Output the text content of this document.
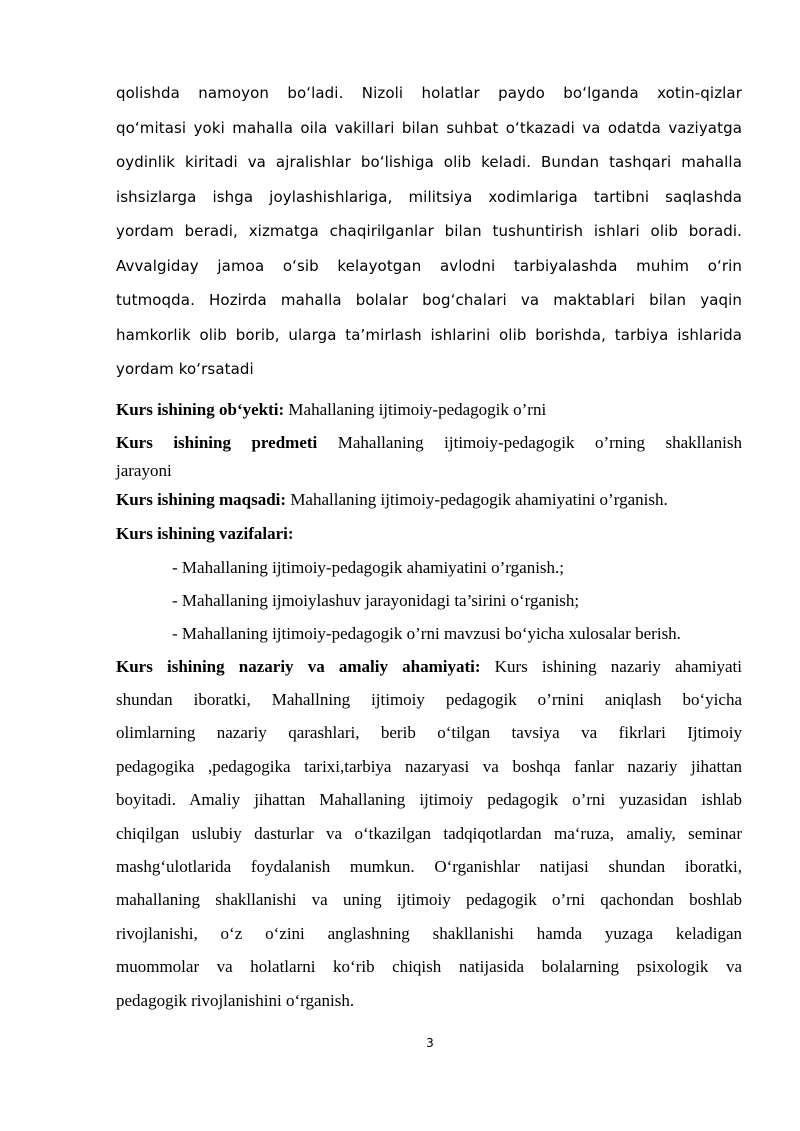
qolishda namoyon boʻladi. Nizoli holatlar paydo boʻlganda xotin-qizlar
qoʻmitasi yoki mahalla oila vakillari bilan suhbat oʻtkazadi va odatda vaziyatga
oydinlik kiritadi va ajralishlar boʻlishiga olib keladi. Bundan tashqari mahalla
ishsizlarga ishga joylashishlariga, militsiya xodimlariga tartibni saqlashda
yordam beradi, xizmatga chaqirilganlar bilan tushuntirish ishlari olib boradi.
Avvalgiday jamoa oʻsib kelayotgan avlodni tarbiyalashda muhim oʻrin
tutmoqda. Hozirda mahalla bolalar bogʻchalari va maktablari bilan yaqin
hamkorlik olib borib, ularga taʼmirlash ishlarini olib borishda, tarbiya ishlarida
yordam koʻrsatadi

Kurs ishining ob‘yekti: Mahallaning ijtimoiy-pedagogik o’rni

Kurs ishining predmeti Mahallaning ijtimoiy-pedagogik o’rning shakllanish
jarayoni

Kurs ishining maqsadi: Mahallaning ijtimoiy-pedagogik ahamiyatini o’rganish.

Kurs ishining vazifalari:

- Mahallaning ijtimoiy-pedagogik ahamiyatini o’rganish.;
- Mahallaning ijmoiylashuv jarayonidagi ta’sirini o‘rganish;
- Mahallaning ijtimoiy-pedagogik o’rni mavzusi bo‘yicha xulosalar berish.
Kurs ishining nazariy va amaliy ahamiyati: Kurs ishining nazariy ahamiyati
shundan iboratki, Mahallning ijtimoiy pedagogik o’rnini aniqlash bo‘yicha
olimlarning nazariy qarashlari, berib o‘tilgan tavsiya va fikrlari Ijtimoiy
pedagogika ,pedagogika tarixi,tarbiya nazaryasi va boshqa fanlar nazariy jihattan
boyitadi. Amaliy jihattan Mahallaning ijtimoiy pedagogik o’rni yuzasidan ishlab
chiqilgan uslubiy dasturlar va o‘tkazilgan tadqiqotlardan ma‘ruza, amaliy, seminar
mashg‘ulotlarida foydalanish mumkun. O‘rganishlar natijasi shundan iboratki,
mahallaning shakllanishi va uning ijtimoiy pedagogik o’rni qachondan boshlab
rivojlanishi, o‘z o‘zini anglashning shakllanishi hamda yuzaga keladigan
muommolar va holatlarni ko‘rib chiqish natijasida bolalarning psixologik va
pedagogik rivojlanishini o‘rganish.
3
